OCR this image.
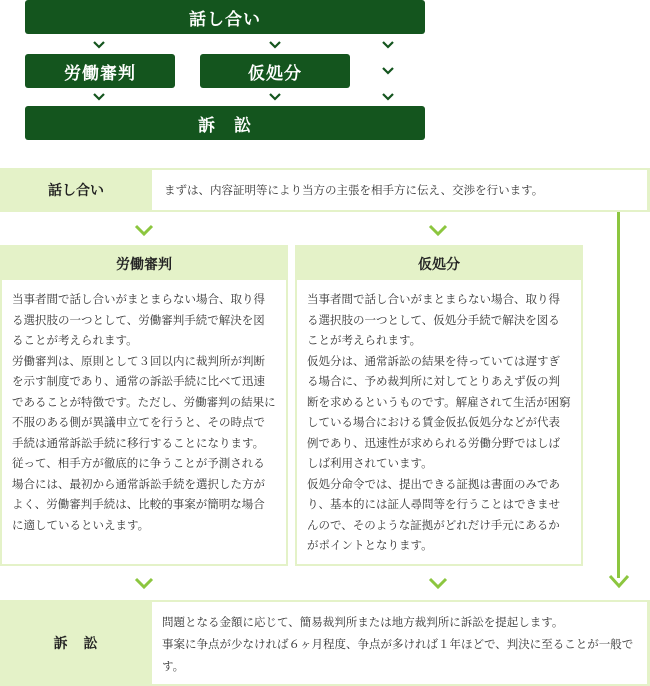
話し合い
労働審判	仮処分
訴　訟
話し合い	まずは、内容証明等により当方の主張を相手方に伝え、交渉を行います。
労働審判

当事者間で話し合いがまとまらない場合、取り得る選択肢の一つとして、労働審判手続で解決を図ることが考えられます。

労働審判は、原則として３回以内に裁判所が判断を示す制度であり、通常の訴訟手続に比べて迅速であることが特徴です。ただし、労働審判の結果に不服のある側が異議申立てを行うと、その時点で手続は通常訴訟手続に移行することになります。

従って、相手方が徹底的に争うことが予測される場合には、最初から通常訴訟手続を選択した方がよく、労働審判手続は、比較的事案が簡明な場合に適しているといえます。

仮処分

当事者間で話し合いがまとまらない場合、取り得る選択肢の一つとして、仮処分手続で解決を図ることが考えられます。

仮処分は、通常訴訟の結果を待っていては遅すぎる場合に、予め裁判所に対してとりあえず仮の判断を求めるというものです。解雇されて生活が困窮している場合における賃金仮払仮処分などが代表例であり、迅速性が求められる労働分野ではしばしば利用されています。

仮処分命令では、提出できる証拠は書面のみであり、基本的には証人尋問等を行うことはできませんので、そのような証拠がどれだけ手元にあるかがポイントとなります。

訴　訟

問題となる金額に応じて、簡易裁判所または地方裁判所に訴訟を提起します。

事案に争点が少なければ６ヶ月程度、争点が多ければ１年ほどで、判決に至ることが一般です。
